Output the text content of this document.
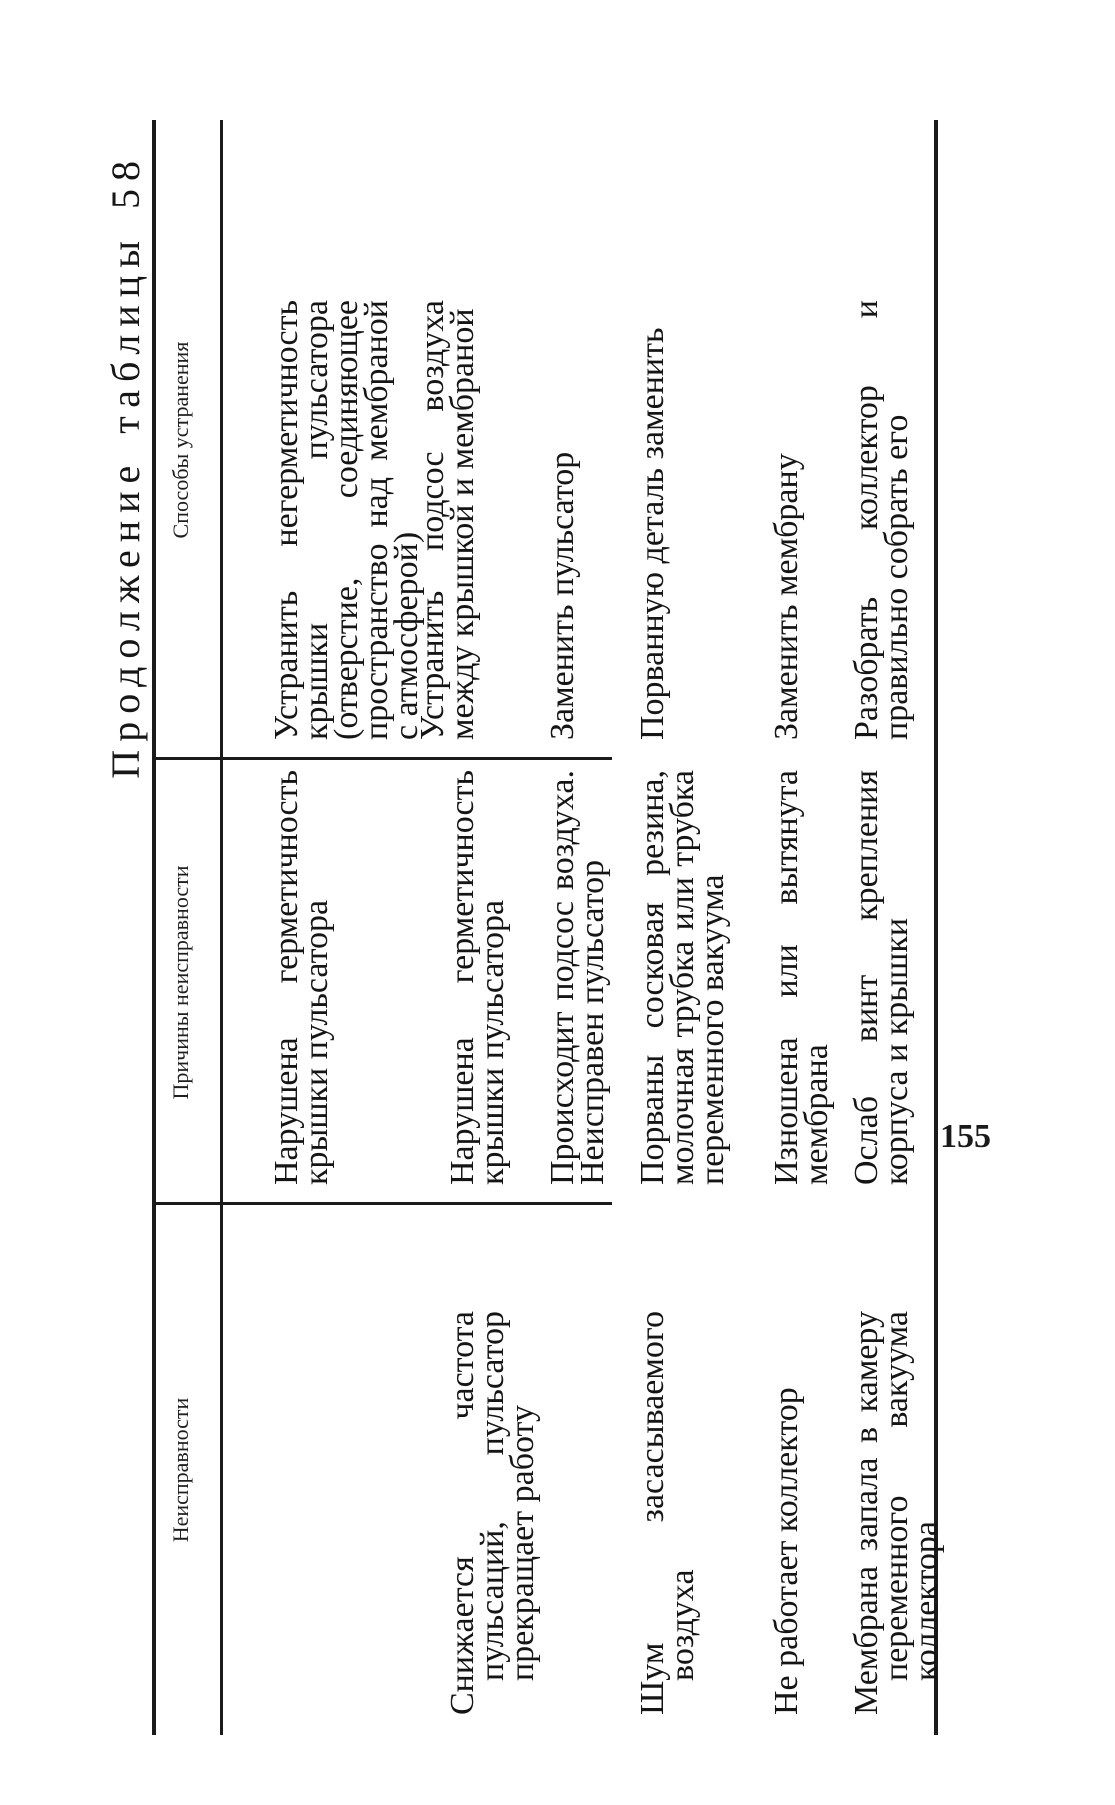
Продолжение таблицы 58
Неисправности
Причины неисправности
Способы устранения
Нарушена герметичность крышки пульсатора
Устранить негерметичность крышки пульсатора (отверстие, соединяющее пространство над мембраной с атмосферой)
Снижается частота пульсаций, пульсатор прекращает работу
Нарушена герметичность крышки пульсатора
Устранить подсос воздуха между крышкой и мембраной
Происходит подсос воздуха. Неисправен пульсатор
Заменить пульсатор
Шум засасываемого воздуха
Порваны сосковая резина, молочная трубка или трубка переменного вакуума
Порванную деталь заменить
Не работает коллектор
Изношена или вытянута мембрана
Заменить мембрану
Мембрана запала в камеру переменного вакуума коллектора
Ослаб винт крепления корпуса и крышки
Разобрать коллектор и правильно собрать его
155
